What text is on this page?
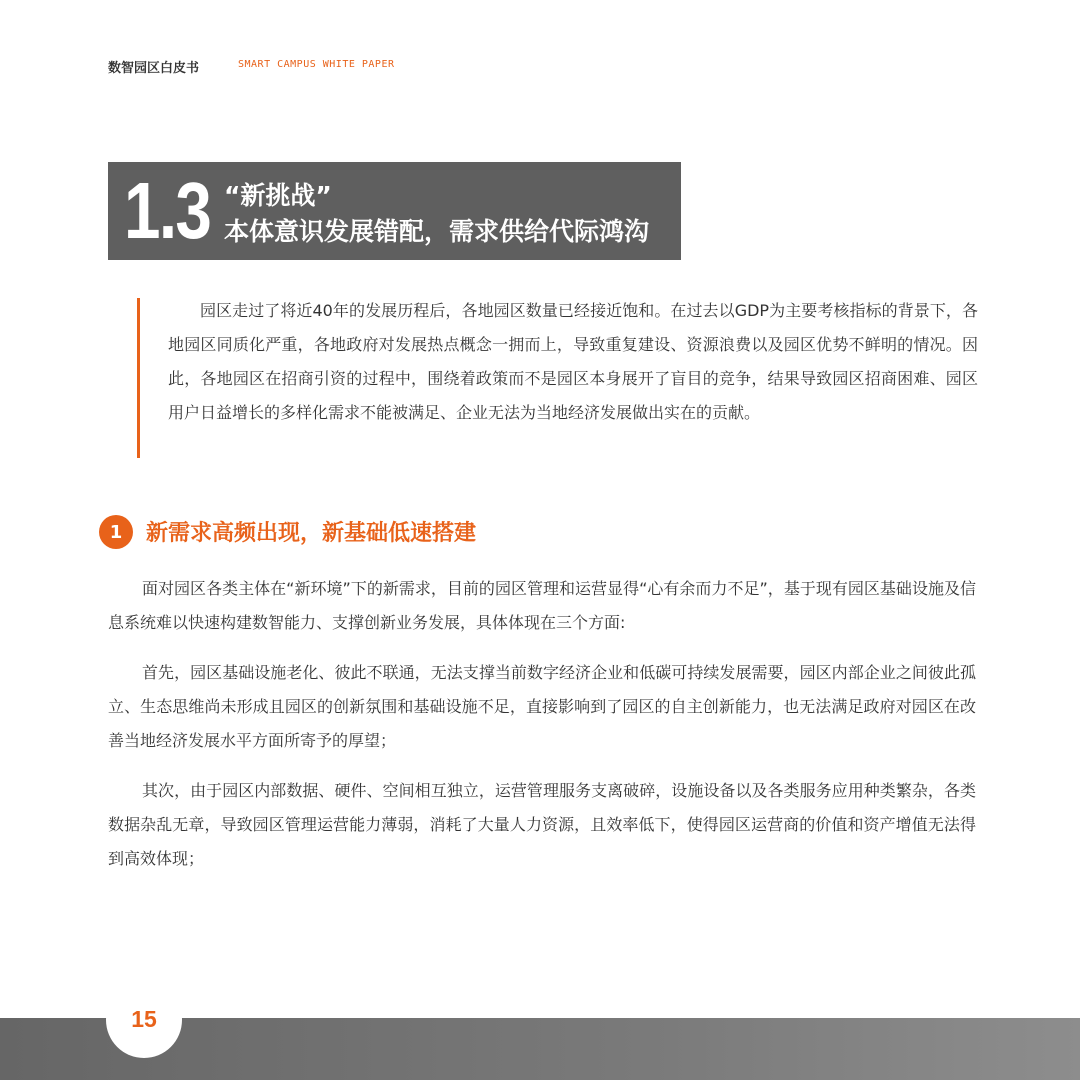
数智园区白皮书	SMART CAMPUS WHITE PAPER
1.3 “新挑战”
本体意识发展错配，需求供给代际鸿沟
园区走过了将近40年的发展历程后，各地园区数量已经接近饱和。在过去以GDP为主要考核指标的背景下，各地园区同质化严重，各地政府对发展热点概念一拥而上，导致重复建设、资源浪费以及园区优势不鲜明的情况。因此，各地园区在招商引资的过程中，围绕着政策而不是园区本身展开了盲目的竞争，结果导致园区招商困难、园区用户日益增长的多样化需求不能被满足、企业无法为当地经济发展做出实在的贡献。
1	新需求高频出现，新基础低速搭建
面对园区各类主体在“新环境”下的新需求，目前的园区管理和运营显得“心有余而力不足”，基于现有园区基础设施及信息系统难以快速构建数智能力、支撑创新业务发展，具体体现在三个方面:
首先，园区基础设施老化、彼此不联通，无法支撑当前数字经济企业和低碳可持续发展需要，园区内部企业之间彼此孤立、生态思维尚未形成且园区的创新氛围和基础设施不足，直接影响到了园区的自主创新能力，也无法满足政府对园区在改善当地经济发展水平方面所寄予的厚望；
其次，由于园区内部数据、硬件、空间相互独立，运营管理服务支离破碎，设施设备以及各类服务应用种类繁杂，各类数据杂乱无章，导致园区管理运营能力薄弱，消耗了大量人力资源，且效率低下，使得园区运营商的价值和资产增值无法得到高效体现；
15
